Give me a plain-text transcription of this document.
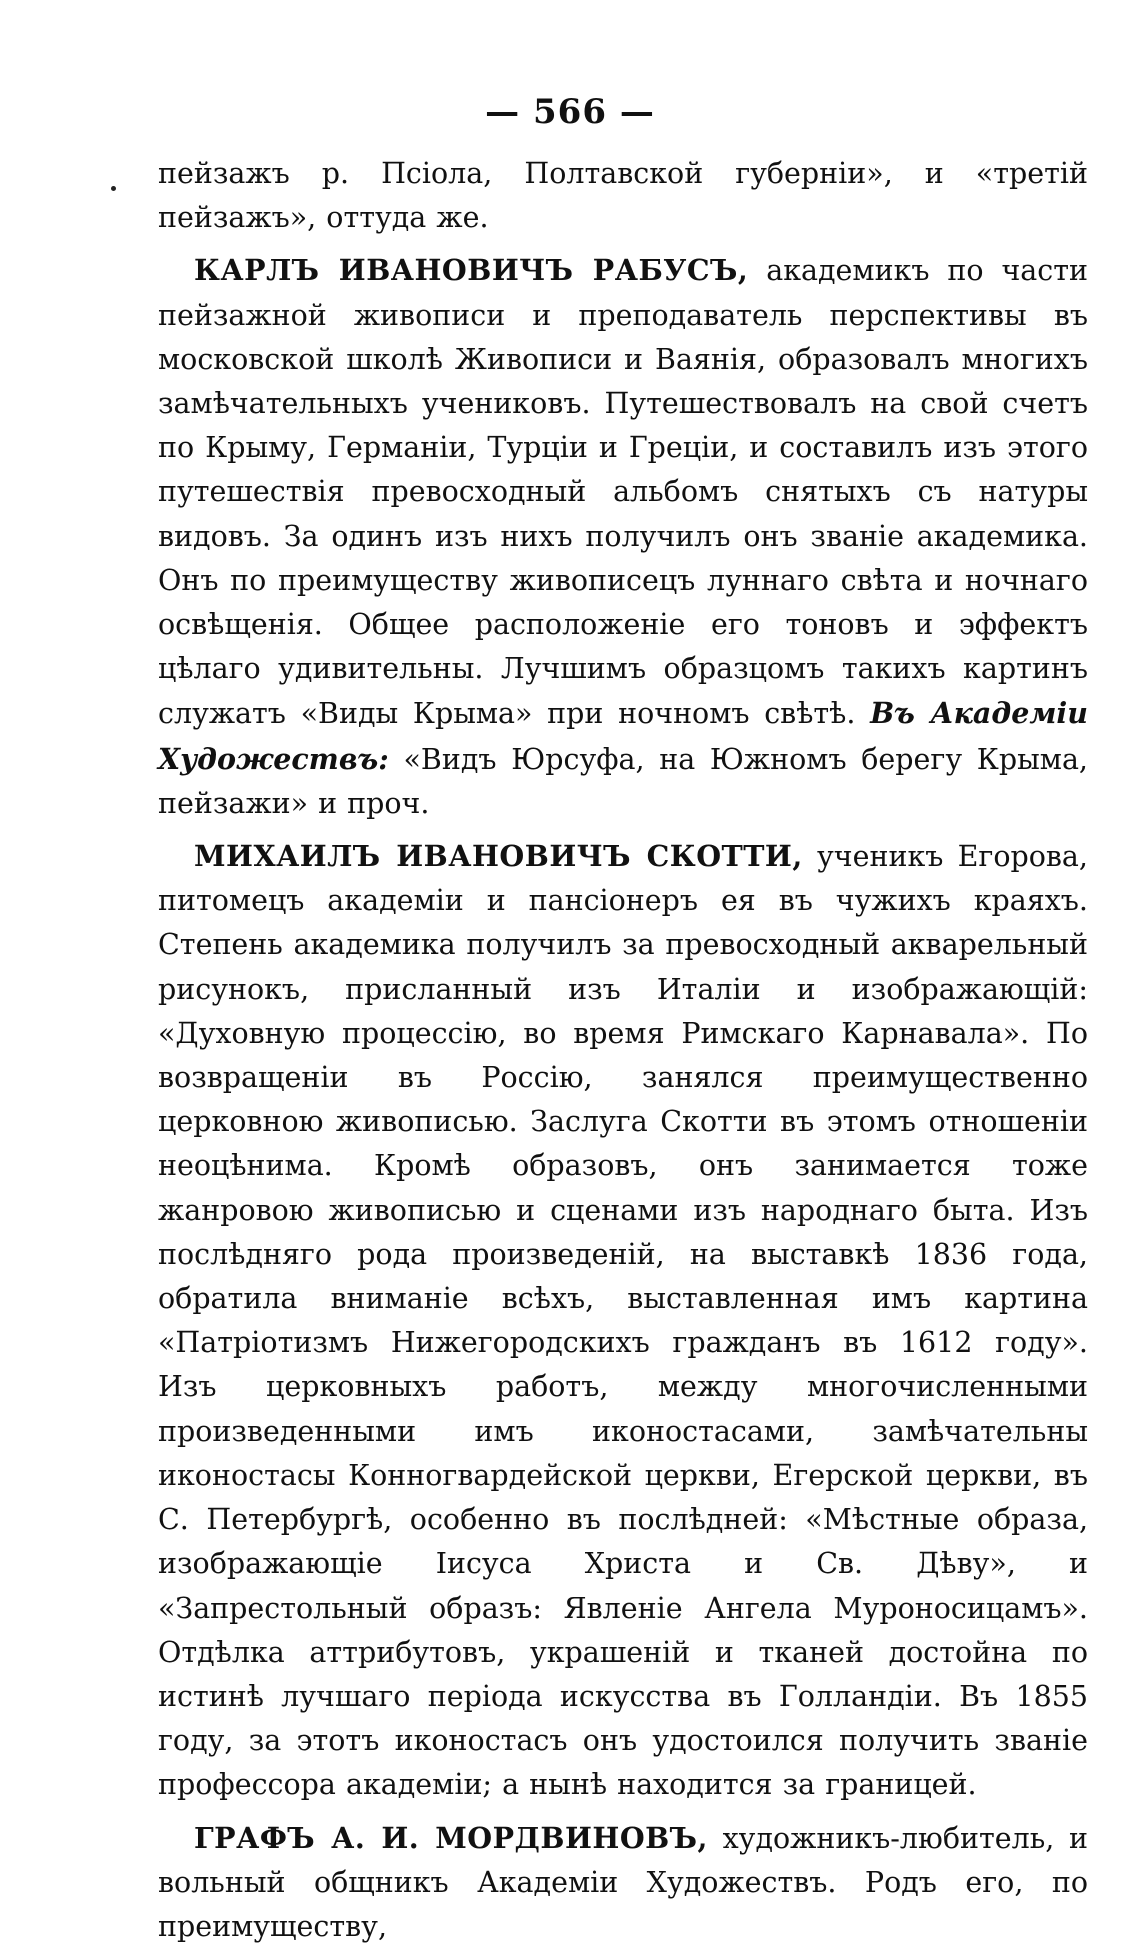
— 566 —

пейзажъ р. Псiола, Полтавской губернiи», и «третiй пейзажъ», оттуда же.

КАРЛЪ ИВАНОВИЧЪ РАБУСЪ, академикъ по части пейзажной живописи и преподаватель перспективы въ московской школѣ Живописи и Ваянiя, образовалъ многихъ замѣчательныхъ учениковъ. Путешествовалъ на свой счетъ по Крыму, Германiи, Турцiи и Грецiи, и составилъ изъ этого путешествiя превосходный альбомъ снятыхъ съ натуры видовъ. За одинъ изъ нихъ получилъ онъ званiе академика. Онъ по преимуществу живописецъ луннаго свѣта и ночнаго освѣщенiя. Общее расположенiе его тоновъ и эффектъ цѣлаго удивительны. Лучшимъ образцомъ такихъ картинъ служатъ «Виды Крыма» при ночномъ свѣтѣ. Въ Академiи Художествъ: «Видъ Юрсуфа, на Южномъ берегу Крыма, пейзажи» и проч.

МИХАИЛЪ ИВАНОВИЧЪ СКОТТИ, ученикъ Егорова, питомецъ академiи и пансiонеръ ея въ чужихъ краяхъ. Степень академика получилъ за превосходный акварельный рисунокъ, присланный изъ Италiи и изображающiй: «Духовную процессiю, во время Римскаго Карнавала». По возвращенiи въ Россiю, занялся преимущественно церковною живописью. Заслуга Скотти въ этомъ отношенiи неоцѣнима. Кромѣ образовъ, онъ занимается тоже жанровою живописью и сценами изъ народнаго быта. Изъ послѣдняго рода произведенiй, на выставкѣ 1836 года, обратила вниманiе всѣхъ, выставленная имъ картина «Патрiотизмъ Нижегородскихъ гражданъ въ 1612 году». Изъ церковныхъ работъ, между многочисленными произведенными имъ иконостасами, замѣчательны иконостасы Конногвардейской церкви, Егерской церкви, въ С. Петербургѣ, особенно въ послѣдней: «Мѣстные образа, изображающiе Iисуса Христа и Св. Дѣву», и «Запрестольный образъ: Явленiе Ангела Муроносицамъ». Отдѣлка аттрибутовъ, украшенiй и тканей достойна по истинѣ лучшаго перiода искусства въ Голландiи. Въ 1855 году, за этотъ иконостасъ онъ удостоился получить званiе профессора академiи; а нынѣ находится за границей.

ГРАФЪ А. И. МОРДВИНОВЪ, художникъ-любитель, и вольный общникъ Академiи Художествъ. Родъ его, по преимуществу,
